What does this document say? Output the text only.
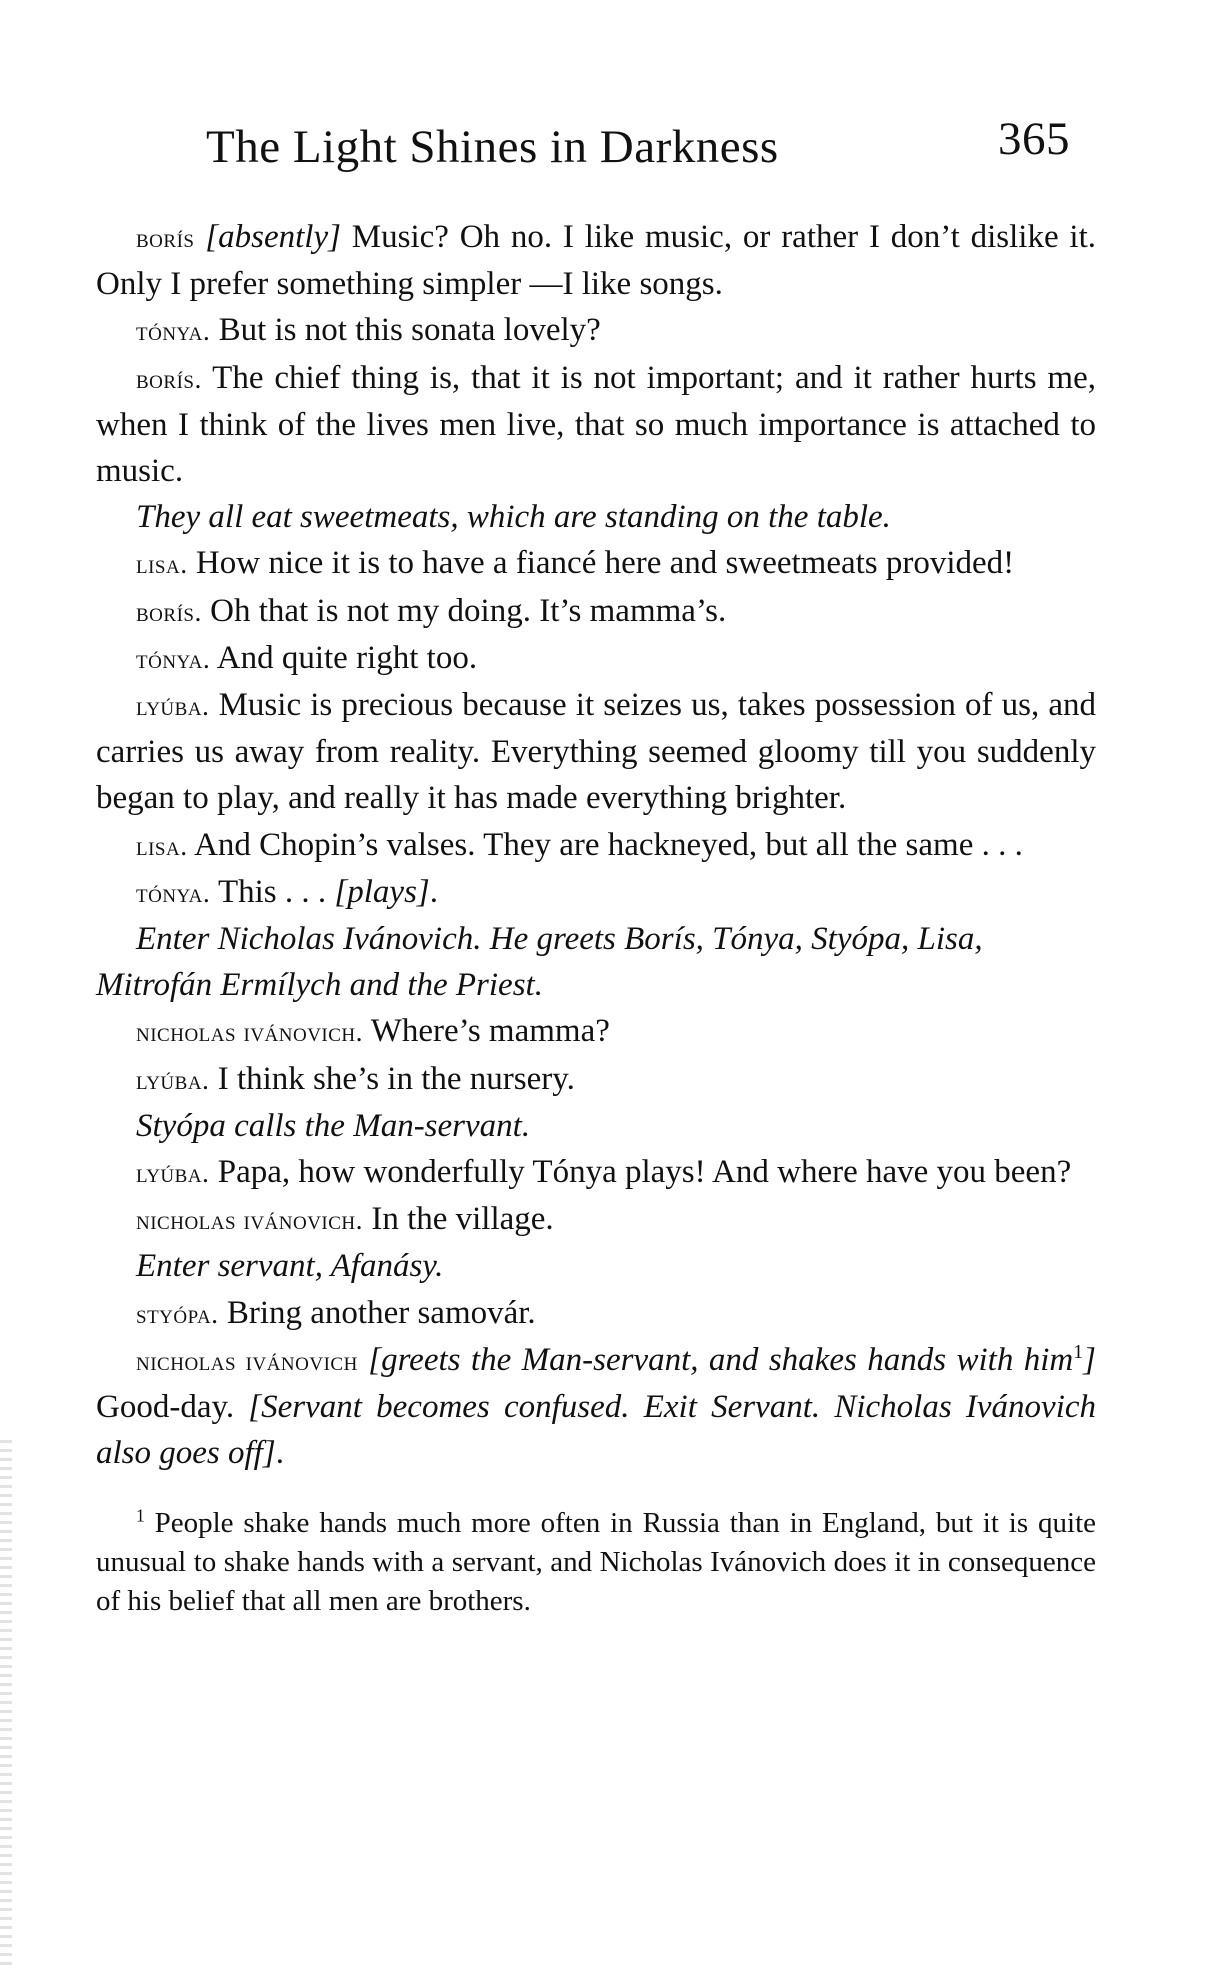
The Light Shines in Darkness	365

borís [absently] Music? Oh no. I like music, or rather I don’t dislike it. Only I prefer something simpler —I like songs.

tónya. But is not this sonata lovely?

borís. The chief thing is, that it is not important; and it rather hurts me, when I think of the lives men live, that so much importance is attached to music.

They all eat sweetmeats, which are standing on the table.

lisa. How nice it is to have a fiancé here and sweetmeats provided!

borís. Oh that is not my doing. It’s mamma’s.

tónya. And quite right too.

lyúba. Music is precious because it seizes us, takes possession of us, and carries us away from reality. Everything seemed gloomy till you suddenly began to play, and really it has made everything brighter.

lisa. And Chopin’s valses. They are hackneyed, but all the same . . .

tónya. This . . . [plays].

Enter Nicholas Ivánovich. He greets Borís, Tónya, Styópa, Lisa, Mitrofán Ermílych and the Priest.

nicholas ivánovich. Where’s mamma?

lyúba. I think she’s in the nursery.

Styópa calls the Man-servant.

lyúba. Papa, how wonderfully Tónya plays! And where have you been?

nicholas ivánovich. In the village.

Enter servant, Afanásy.

styópa. Bring another samovár.

nicholas ivánovich [greets the Man-servant, and shakes hands with him$^1$] Good-day. [Servant becomes confused. Exit Servant. Nicholas Ivánovich also goes off].

$^1$ People shake hands much more often in Russia than in England, but it is quite unusual to shake hands with a servant, and Nicholas Ivánovich does it in consequence of his belief that all men are brothers.
